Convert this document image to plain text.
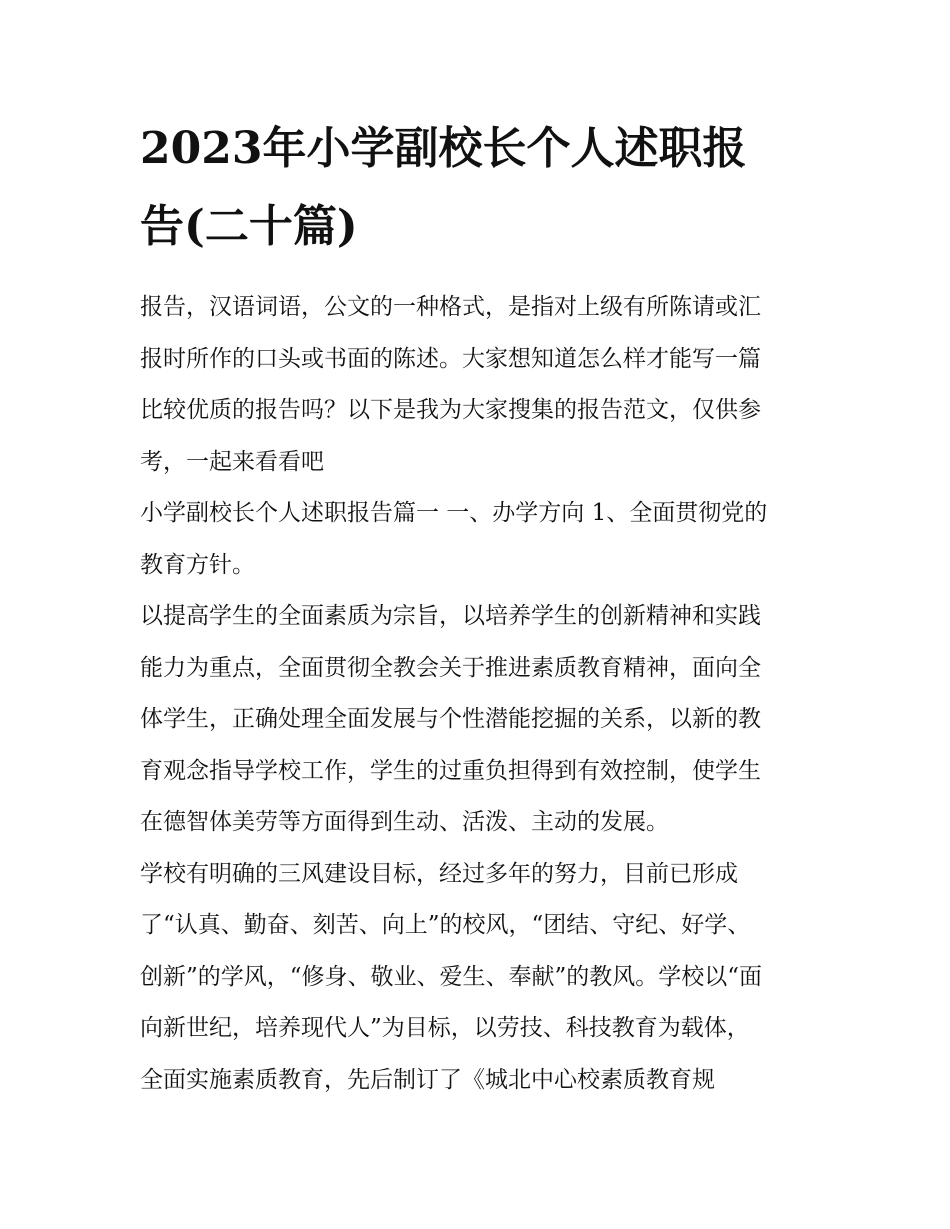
2023年小学副校长个人述职报
告(二十篇)

报告，汉语词语，公文的一种格式，是指对上级有所陈请或汇
报时所作的口头或书面的陈述。大家想知道怎么样才能写一篇
比较优质的报告吗？以下是我为大家搜集的报告范文，仅供参
考，一起来看看吧

小学副校长个人述职报告篇一 一、办学方向 1、全面贯彻党的
教育方针。

以提高学生的全面素质为宗旨，以培养学生的创新精神和实践
能力为重点，全面贯彻全教会关于推进素质教育精神，面向全
体学生，正确处理全面发展与个性潜能挖掘的关系，以新的教
育观念指导学校工作，学生的过重负担得到有效控制，使学生
在德智体美劳等方面得到生动、活泼、主动的发展。

学校有明确的三风建设目标，经过多年的努力，目前已形成
了“认真、勤奋、刻苦、向上”的校风，“团结、守纪、好学、
创新”的学风，“修身、敬业、爱生、奉献”的教风。学校以“面
向新世纪，培养现代人”为目标，以劳技、科技教育为载体，
全面实施素质教育，先后制订了《城北中心校素质教育规
